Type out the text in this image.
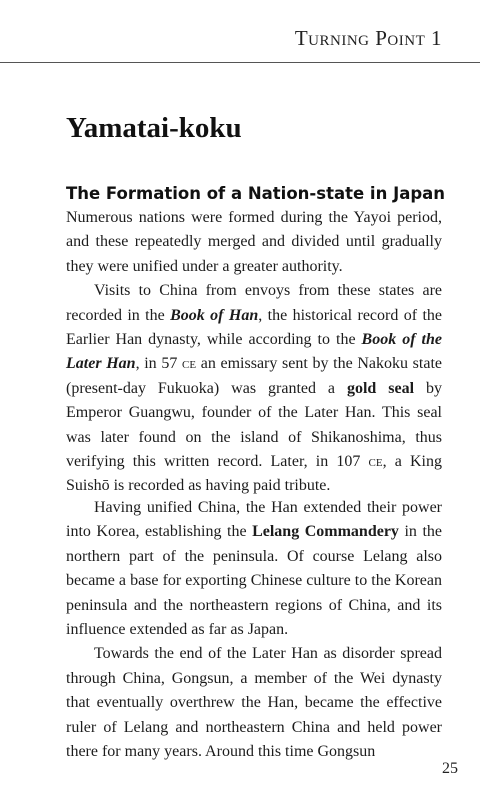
Turning Point 1
Yamatai-koku
The Formation of a Nation-state in Japan

Numerous nations were formed during the Yayoi period, and these repeatedly merged and divided until gradually they were unified under a greater authority.

Visits to China from envoys from these states are recorded in the Book of Han, the historical record of the Earlier Han dynasty, while according to the Book of the Later Han, in 57 ce an emissary sent by the Nakoku state (present-day Fukuoka) was granted a gold seal by Emperor Guangwu, founder of the Later Han. This seal was later found on the island of Shikanoshima, thus verifying this written record. Later, in 107 ce, a King Suishō is recorded as having paid tribute.

Having unified China, the Han extended their power into Korea, establishing the Lelang Commandery in the northern part of the peninsula. Of course Lelang also became a base for exporting Chinese culture to the Korean peninsula and the northeastern regions of China, and its influence extended as far as Japan.

Towards the end of the Later Han as disorder spread through China, Gongsun, a member of the Wei dynasty that eventually overthrew the Han, became the effective ruler of Lelang and northeastern China and held power there for many years. Around this time Gongsun

25
